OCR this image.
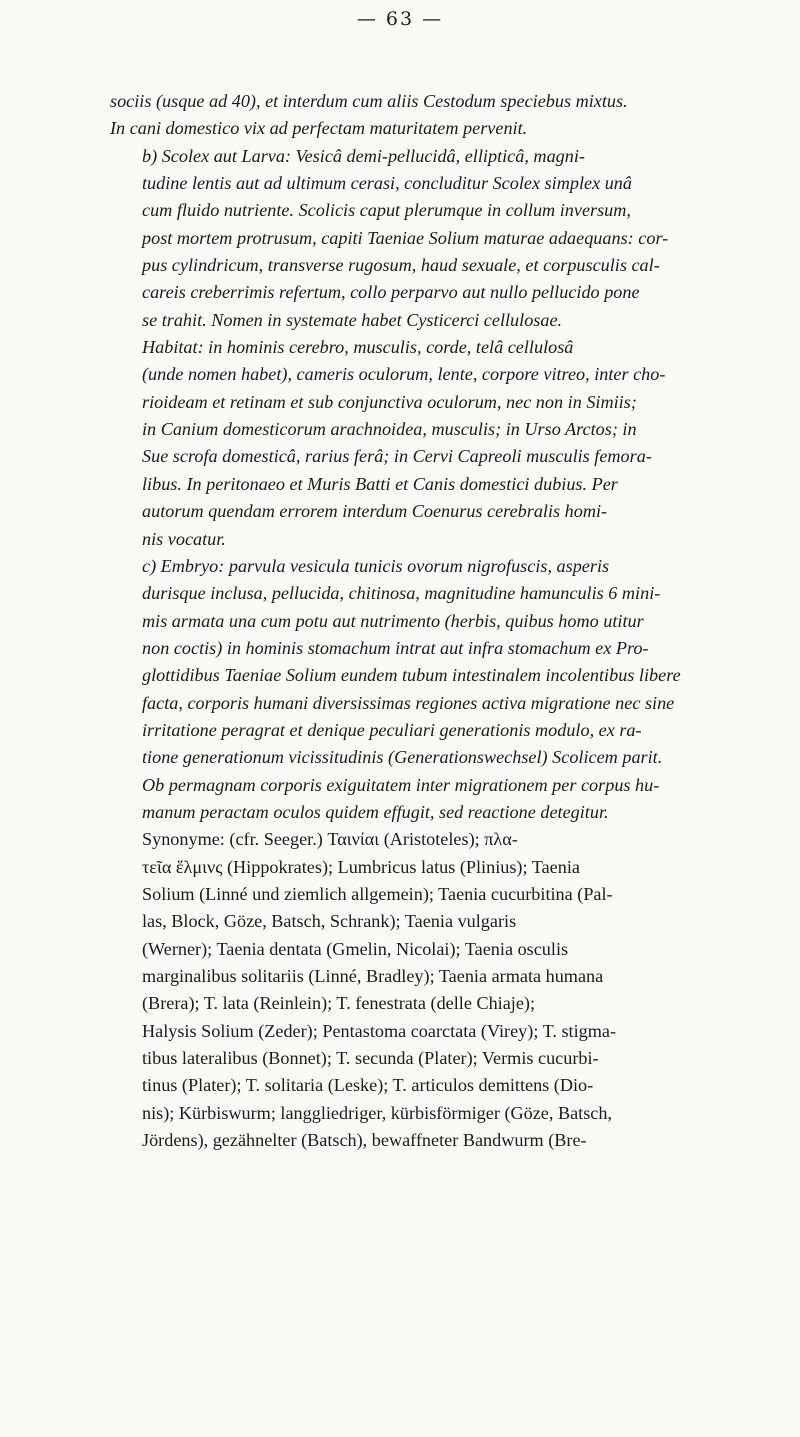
— 63 —

sociis (usque ad 40), et interdum cum aliis Cestodum speciebus mixtus.
In cani domestico vix ad perfectam maturitatem pervenit.

b) Scolex aut Larva: Vesicâ demi-pellucidâ, ellipticâ, magni-
tudine lentis aut ad ultimum cerasi, concluditur Scolex simplex unâ
cum fluido nutriente. Scolicis caput plerumque in collum inversum,
post mortem protrusum, capiti Taeniae Solium maturae adaequans: cor-
pus cylindricum, transverse rugosum, haud sexuale, et corpusculis cal-
careis creberrimis refertum, collo perparvo aut nullo pellucido pone
se trahit. Nomen in systemate habet Cysticerci cellulosae.

Habitat: in hominis cerebro, musculis, corde, telâ cellulosâ
(unde nomen habet), cameris oculorum, lente, corpore vitreo, inter cho-
rioideam et retinam et sub conjunctiva oculorum, nec non in Simiis;
in Canium domesticorum arachnoidea, musculis; in Urso Arctos; in
Sue scrofa domesticâ, rarius ferâ; in Cervi Capreoli musculis femora-
libus. In peritonaeo et Muris Batti et Canis domestici dubius. Per
autorum quendam errorem interdum Coenurus cerebralis homi-
nis vocatur.

c) Embryo: parvula vesicula tunicis ovorum nigrofuscis, asperis
durisque inclusa, pellucida, chitinosa, magnitudine hamunculis 6 mini-
mis armata una cum potu aut nutrimento (herbis, quibus homo utitur
non coctis) in hominis stomachum intrat aut infra stomachum ex Pro-
glottidibus Taeniae Solium eundem tubum intestinalem incolentibus libere
facta, corporis humani diversissimas regiones activa migratione nec sine
irritatione peragrat et denique peculiari generationis modulo, ex ra-
tione generationum vicissitudinis (Generationswechsel) Scolicem parit.
Ob permagnam corporis exiguitatem inter migrationem per corpus hu-
manum peractam oculos quidem effugit, sed reactione detegitur.

Synonyme: (cfr. Seeger.) Ταινίαι (Aristoteles); πλα-
τεῖα ἕλμινς (Hippokrates); Lumbricus latus (Plinius); Taenia
Solium (Linné und ziemlich allgemein); Taenia cucurbitina (Pal-
las, Block, Göze, Batsch, Schrank); Taenia vulgaris
(Werner); Taenia dentata (Gmelin, Nicolai); Taenia osculis
marginalibus solitariis (Linné, Bradley); Taenia armata humana
(Brera); T. lata (Reinlein); T. fenestrata (delle Chiaje);
Halysis Solium (Zeder); Pentastoma coarctata (Virey); T. stigma-
tibus lateralibus (Bonnet); T. secunda (Plater); Vermis cucurbi-
tinus (Plater); T. solitaria (Leske); T. articulos demittens (Dio-
nis); Kürbiswurm; langgliedriger, kürbisförmiger (Göze, Batsch,
Jördens), gezähnelter (Batsch), bewaffneter Bandwurm (Bre-
